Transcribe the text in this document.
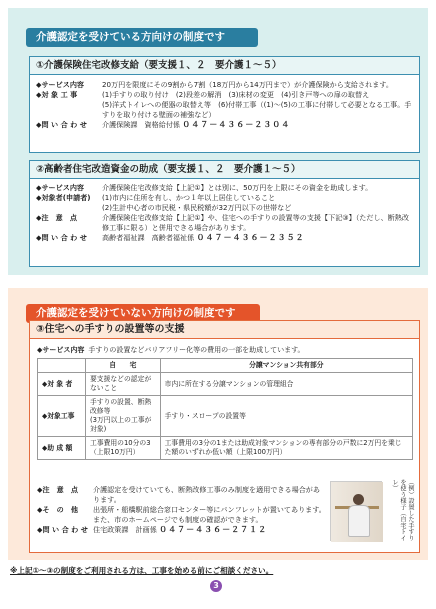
介護認定を受けている方向けの制度です
①介護保険住宅改修支給（要支援１、２　要介護１～５）
◆サービス内容	20万円を限度にその9割から7割（18万円から14万円まで）が介護保険から支給されます。
◆対 象 工 事	(1)手すりの取り付け　(2)段差の解消　(3)床材の変更　(4)引き戸等への扉の取替え
(5)洋式トイレへの便器の取替え等　(6)付帯工事（(1)～(5)の工事に付帯して必要となる工事。手すりを取り付ける壁面の補強など）
◆問 い 合 わ せ	介護保険課　資格給付係 ０４７－４３６－２３０４
②高齢者住宅改造資金の助成（要支援１、２　要介護１～５）
◆サービス内容	介護保険住宅改修支給【上記①】とは別に、50万円を上限にその資金を助成します。
◆対象者(申請者)	(1)市内に住所を有し、かつ１年以上居住していること
(2)生計中心者の市民税・県民税額が32万円以下の世帯など
◆注　意　点	介護保険住宅改修支給【上記①】や、住宅への手すりの設置等の支援【下記③】（ただし、断熱改修工事に限る）と併用できる場合があります。
◆問 い 合 わ せ	高齢者福祉課　高齢者福祉係 ０４７－４３６－２３５２
介護認定を受けていない方向けの制度です
③住宅への手すりの設置等の支援
◆サービス内容 手すりの設置などバリアフリー化等の費用の一部を助成しています。
	自　　宅	分譲マンション共有部分
◆対 象 者	要支援などの認定がないこと	市内に所在する分譲マンションの管理組合
◆対象工事	手すりの設置、断熱改修等
(3万円以上の工事が対象)	手すり・スロープの設置等
◆助 成 額	工事費用の10分の3
（上限10万円）	工事費用の3分の1または助成対象マンションの専有部分の戸数に2万円を乗じた額のいずれか低い額（上限100万円）
◆注　意　点	介護認定を受けていても、断熱改修工事のみ制度を適用できる場合があります。
◆そ　の　他	出張所・船橋駅前総合窓口センター等にパンフレットが置いてあります。
また、市のホームページでも制度の確認ができます。
◆問 い 合 わ せ 住宅政策課　計画係 ０４７－４３６－２７１２	（例）設置した手すりを使う様子（自宅トイレ）
※上記①～③の制度をご利用される方は、工事を始める前にご相談ください。
3
